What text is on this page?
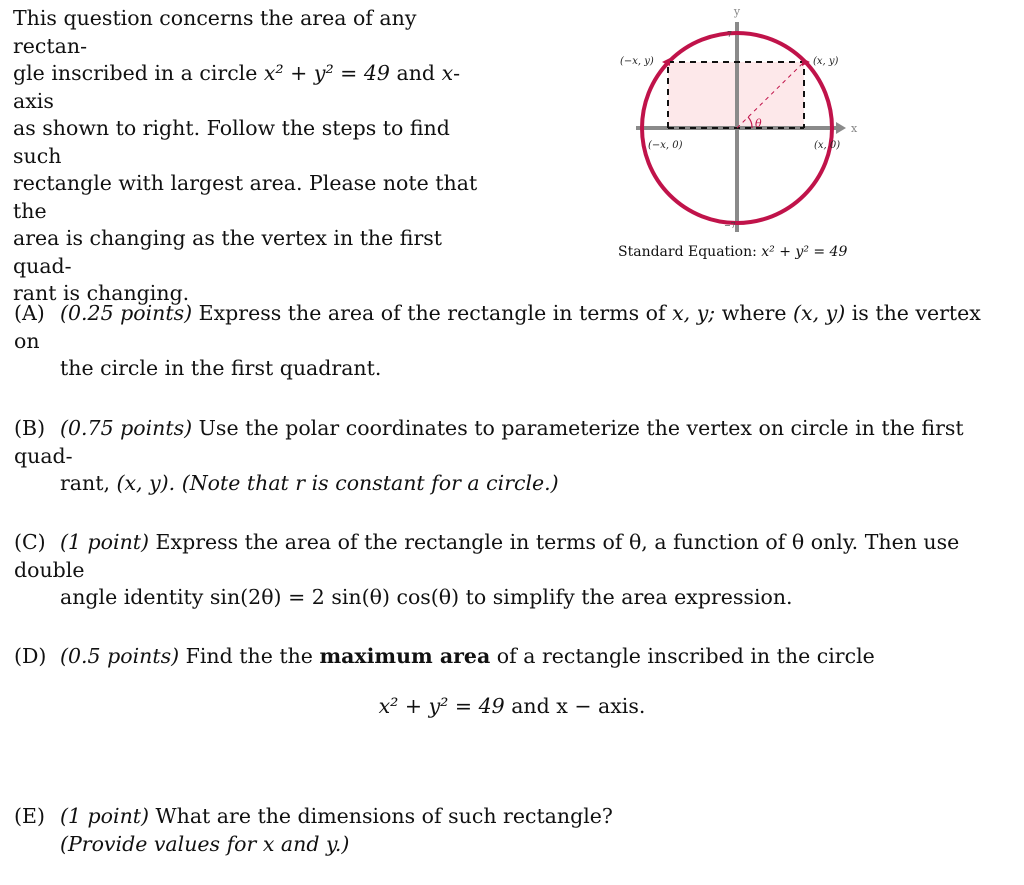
This question concerns the area of any rectan-
gle inscribed in a circle x² + y² = 49 and x-axis
as shown to right. Follow the steps to find such
rectangle with largest area. Please note that the
area is changing as the vertex in the first quad-
rant is changing.
y
x
7
−7
(−x, y)	(x, y)
(−x, 0)	(x, 0)
θ
Standard Equation: x² + y² = 49
(A) (0.25 points) Express the area of the rectangle in terms of x, y; where (x, y) is the vertex on
the circle in the first quadrant.
(B) (0.75 points) Use the polar coordinates to parameterize the vertex on circle in the first quad-
rant, (x, y). (Note that r is constant for a circle.)
(C) (1 point) Express the area of the rectangle in terms of θ, a function of θ only. Then use double
angle identity sin(2θ) = 2 sin(θ) cos(θ) to simplify the area expression.
(D) (0.5 points) Find the the maximum area of a rectangle inscribed in the circle
x² + y² = 49 and x − axis.
(E) (1 point) What are the dimensions of such rectangle?
(Provide values for x and y.)
